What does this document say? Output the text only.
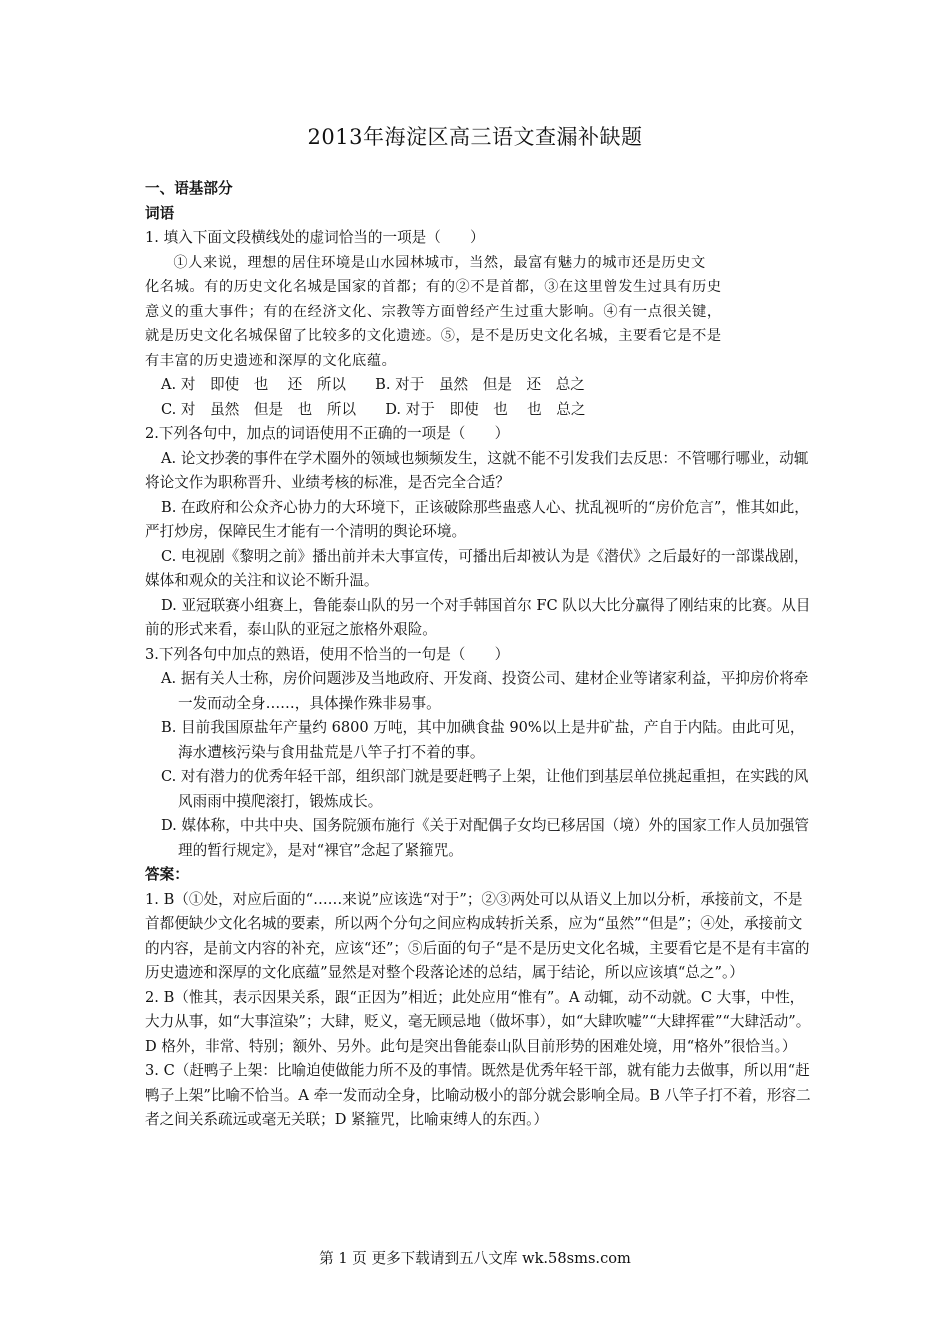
2013年海淀区高三语文查漏补缺题

一、语基部分

词语

1. 填入下面文段横线处的虚词恰当的一项是（　　）

①人来说，理想的居住环境是山水园林城市，当然，最富有魅力的城市还是历史文

化名城。有的历史文化名城是国家的首都；有的②不是首都，③在这里曾发生过具有历史

意义的重大事件；有的在经济文化、宗教等方面曾经产生过重大影响。④有一点很关键，

就是历史文化名城保留了比较多的文化遗迹。⑤，是不是历史文化名城，主要看它是不是

有丰富的历史遗迹和深厚的文化底蕴。

A. 对　即使　也　 还　所以　　B. 对于　虽然　但是　还　总之

C. 对　虽然　但是　也　所以　　D. 对于　即使　也　 也　总之

2.下列各句中，加点的词语使用不正确的一项是（　　）

A. 论文抄袭的事件在学术圈外的领域也频频发生，这就不能不引发我们去反思：不管哪行哪业，动辄将论文作为职称晋升、业绩考核的标准，是否完全合适？

B. 在政府和公众齐心协力的大环境下，正该破除那些蛊惑人心、扰乱视听的“房价危言”，惟其如此，严打炒房，保障民生才能有一个清明的舆论环境。

C. 电视剧《黎明之前》播出前并未大事宣传，可播出后却被认为是《潜伏》之后最好的一部谍战剧，媒体和观众的关注和议论不断升温。

D. 亚冠联赛小组赛上，鲁能泰山队的另一个对手韩国首尔 FC 队以大比分赢得了刚结束的比赛。从目前的形式来看，泰山队的亚冠之旅格外艰险。

3.下列各句中加点的熟语，使用不恰当的一句是（　　）

A. 据有关人士称，房价问题涉及当地政府、开发商、投资公司、建材企业等诸家利益，平抑房价将牵一发而动全身……，具体操作殊非易事。

B. 目前我国原盐年产量约 6800 万吨，其中加碘食盐 90%以上是井矿盐，产自于内陆。由此可见，海水遭核污染与食用盐荒是八竿子打不着的事。

C. 对有潜力的优秀年轻干部，组织部门就是要赶鸭子上架，让他们到基层单位挑起重担，在实践的风风雨雨中摸爬滚打，锻炼成长。

D. 媒体称，中共中央、国务院颁布施行《关于对配偶子女均已移居国（境）外的国家工作人员加强管理的暂行规定》，是对“裸官”念起了紧箍咒。

答案：

1. B（①处，对应后面的“……来说”应该选“对于”；②③两处可以从语义上加以分析，承接前文，不是首都便缺少文化名城的要素，所以两个分句之间应构成转折关系，应为“虽然”“但是”；④处，承接前文的内容，是前文内容的补充，应该“还”；⑤后面的句子“是不是历史文化名城，主要看它是不是有丰富的历史遗迹和深厚的文化底蕴”显然是对整个段落论述的总结，属于结论，所以应该填“总之”。）

2. B（惟其，表示因果关系，跟“正因为”相近；此处应用“惟有”。A 动辄，动不动就。C 大事，中性，大力从事，如“大事渲染”；大肆，贬义，毫无顾忌地（做坏事），如“大肆吹嘘”“大肆挥霍”“大肆活动”。D 格外，非常、特别；额外、另外。此句是突出鲁能泰山队目前形势的困难处境，用“格外”很恰当。）

3. C（赶鸭子上架：比喻迫使做能力所不及的事情。既然是优秀年轻干部，就有能力去做事，所以用“赶鸭子上架”比喻不恰当。A 牵一发而动全身，比喻动极小的部分就会影响全局。B 八竿子打不着，形容二者之间关系疏远或毫无关联；D 紧箍咒，比喻束缚人的东西。）

第 1 页 更多下载请到五八文库 wk.58sms.com
